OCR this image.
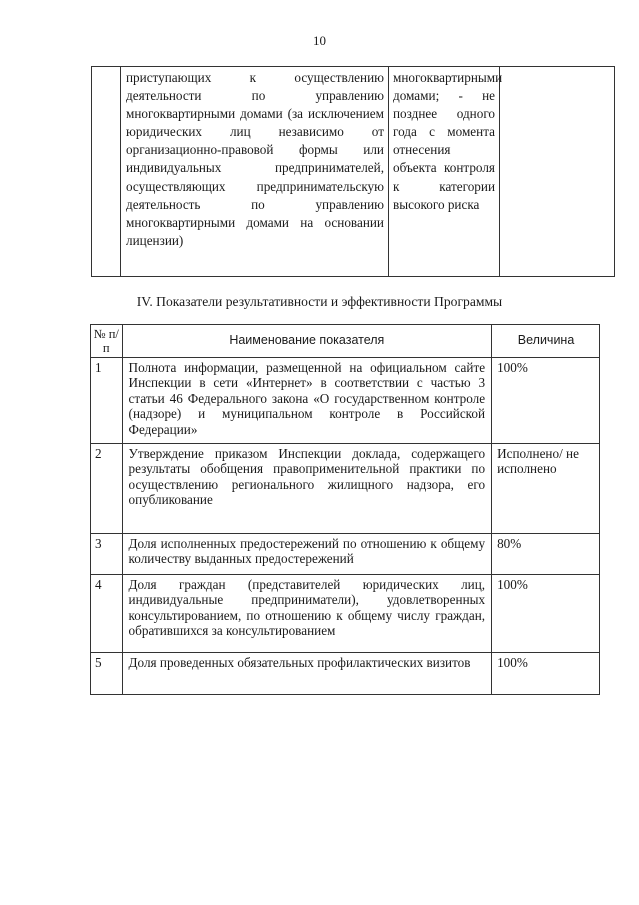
10
	приступающих к осуществлению деятельности по управлению многоквартирными домами (за исключением юридических лиц независимо от организационно-правовой формы или индивидуальных предпринимателей, осуществляющих предпринимательскую деятельность по управлению многоквартирными домами на основании лицензии)	многоквартирными домами; - не позднее одного года с момента отнесения объекта контроля к категории высокого риска	
IV. Показатели результативности и эффективности Программы
№ п/п	Наименование показателя	Величина
1	Полнота информации, размещенной на официальном сайте Инспекции в сети «Интернет» в соответствии с частью 3 статьи 46 Федерального закона «О государственном контроле (надзоре) и муниципальном контроле в Российской Федерации»	100%
2	Утверждение приказом Инспекции доклада, содержащего результаты обобщения правоприменительной практики по осуществлению регионального жилищного надзора, его опубликование	Исполнено/ не исполнено
3	Доля исполненных предостережений по отношению к общему количеству выданных предостережений	80%
4	Доля граждан (представителей юридических лиц, индивидуальные предприниматели), удовлетворенных консультированием, по отношению к общему числу граждан, обратившихся за консультированием	100%
5	Доля проведенных обязательных профилактических визитов	100%
